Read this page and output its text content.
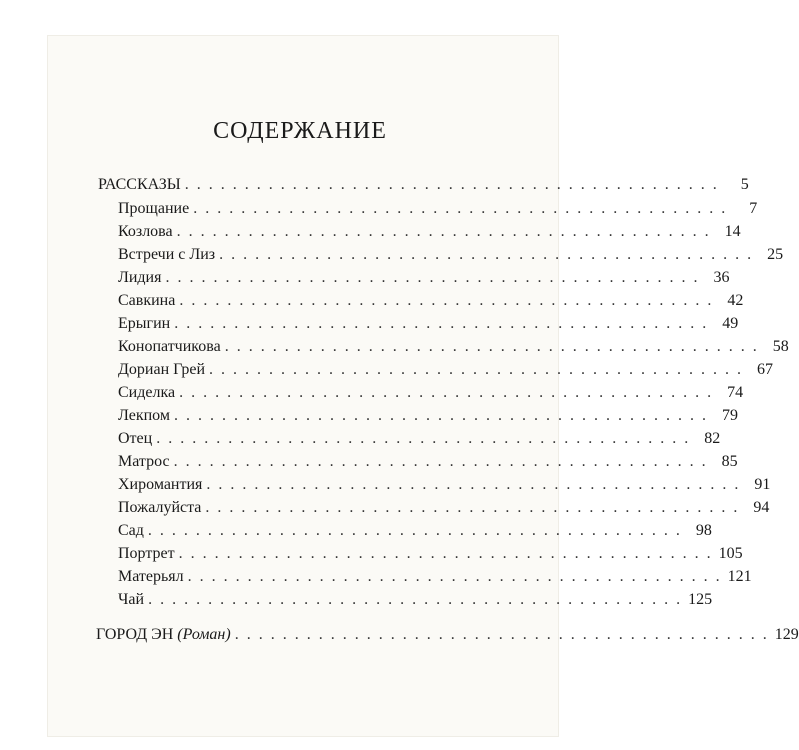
СОДЕРЖАНИЕ
РАССКАЗЫ . . . . . . . . . . . . . . . . . . . . . . . . . . . . . . . . . . . . . . . . . . . . .	5
Прощание . . . . . . . . . . . . . . . . . . . . . . . . . . . . . . . . . . . . . . . . . . . . .	7
Козлова . . . . . . . . . . . . . . . . . . . . . . . . . . . . . . . . . . . . . . . . . . . . . 14
Встречи с Лиз . . . . . . . . . . . . . . . . . . . . . . . . . . . . . . . . . . . . . . . . . . . . . 25
Лидия . . . . . . . . . . . . . . . . . . . . . . . . . . . . . . . . . . . . . . . . . . . . . 36
Савкина . . . . . . . . . . . . . . . . . . . . . . . . . . . . . . . . . . . . . . . . . . . . . 42
Ерыгин . . . . . . . . . . . . . . . . . . . . . . . . . . . . . . . . . . . . . . . . . . . . . 49
Конопатчикова . . . . . . . . . . . . . . . . . . . . . . . . . . . . . . . . . . . . . . . . . . . . . 58
Дориан Грей . . . . . . . . . . . . . . . . . . . . . . . . . . . . . . . . . . . . . . . . . . . . . 67
Сиделка . . . . . . . . . . . . . . . . . . . . . . . . . . . . . . . . . . . . . . . . . . . . . 74
Лекпом . . . . . . . . . . . . . . . . . . . . . . . . . . . . . . . . . . . . . . . . . . . . . 79
Отец . . . . . . . . . . . . . . . . . . . . . . . . . . . . . . . . . . . . . . . . . . . . . 82
Матрос . . . . . . . . . . . . . . . . . . . . . . . . . . . . . . . . . . . . . . . . . . . . . 85
Хиромантия . . . . . . . . . . . . . . . . . . . . . . . . . . . . . . . . . . . . . . . . . . . . . 91
Пожалуйста . . . . . . . . . . . . . . . . . . . . . . . . . . . . . . . . . . . . . . . . . . . . . 94
Сад . . . . . . . . . . . . . . . . . . . . . . . . . . . . . . . . . . . . . . . . . . . . . 98
Портрет . . . . . . . . . . . . . . . . . . . . . . . . . . . . . . . . . . . . . . . . . . . . . 105
Матерьял . . . . . . . . . . . . . . . . . . . . . . . . . . . . . . . . . . . . . . . . . . . . . 121
Чай . . . . . . . . . . . . . . . . . . . . . . . . . . . . . . . . . . . . . . . . . . . . . 125
ГОРОД ЭН (Роман) . . . . . . . . . . . . . . . . . . . . . . . . . . . . . . . . . . . . . . . . . . . . . 129
